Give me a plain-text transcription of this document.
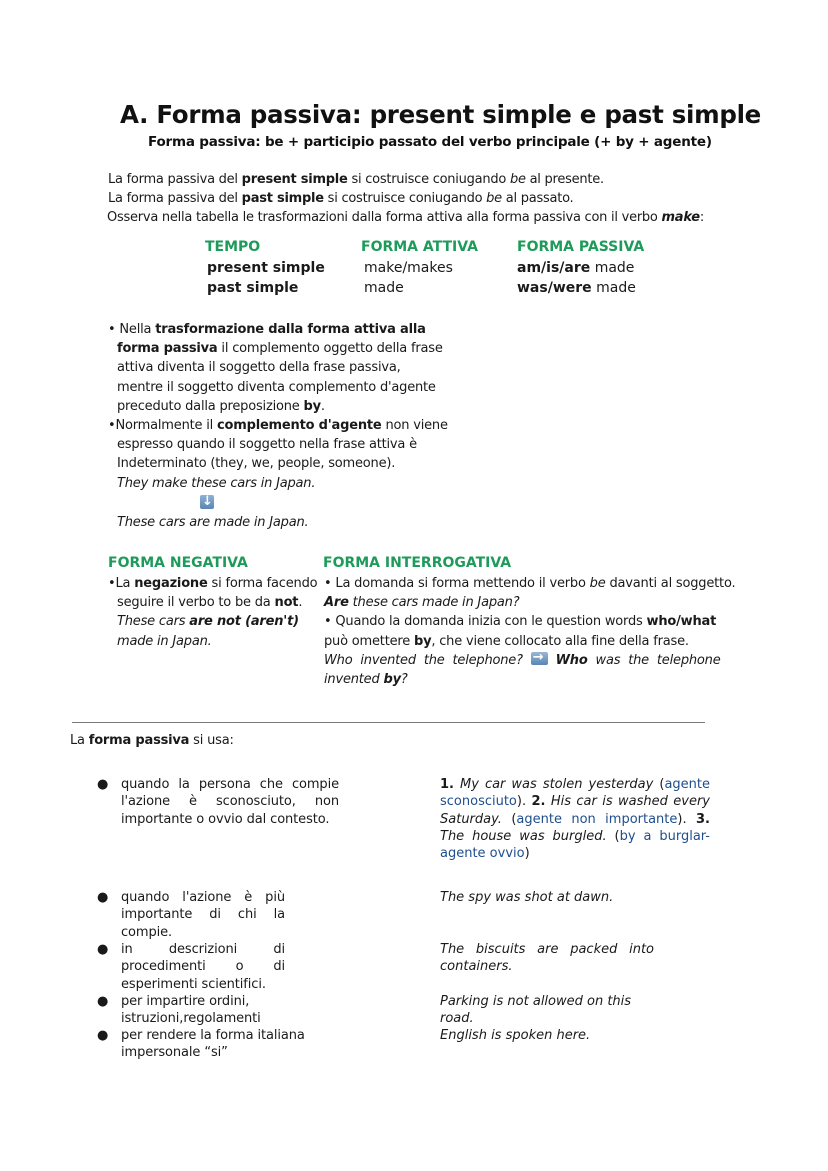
A. Forma passiva: present simple e past simple
Forma passiva: be + participio passato del verbo principale (+ by + agente)
La forma passiva del present simple si costruisce coniugando be al presente.
La forma passiva del past simple si costruisce coniugando be al passato.
Osserva nella tabella le trasformazioni dalla forma attiva alla forma passiva con il verbo make:
TEMPO
present simple
past simple
FORMA ATTIVA
make/makes
made
FORMA PASSIVA
am/is/are made
was/were made
• Nella trasformazione dalla forma attiva alla
forma passiva il complemento oggetto della frase
attiva diventa il soggetto della frase passiva,
mentre il soggetto diventa complemento d'agente
preceduto dalla preposizione by.
•Normalmente il complemento d'agente non viene
espresso quando il soggetto nella frase attiva è
Indeterminato (they, we, people, someone).
They make these cars in Japan.
↓
These cars are made in Japan.
FORMA NEGATIVA
•La negazione si forma facendo
seguire il verbo to be da not.
These cars are not (aren't)
made in Japan.
FORMA INTERROGATIVA
• La domanda si forma mettendo il verbo be davanti al soggetto.
Are these cars made in Japan?
• Quando la domanda inizia con le question words who/what
può omettere by, che viene collocato alla fine della frase.
Who invented the telephone? →	Who was the telephone
invented by?
La forma passiva si usa:
● quando la persona che compie l'azione è sconosciuto, non importante o ovvio dal contesto.
● quando l'azione è più importante di chi la compie.
● in descrizioni di procedimenti o di esperimenti scientifici.
● per impartire ordini, istruzioni,regolamenti
● per rendere la forma italiana impersonale “si”
1. My car was stolen yesterday (agente sconosciuto). 2. His car is washed every Saturday. (agente non importante). 3. The house was burgled. (by a burglar- agente ovvio)
The spy was shot at dawn.
The biscuits are packed into containers.
Parking is not allowed on this road.
English is spoken here.
